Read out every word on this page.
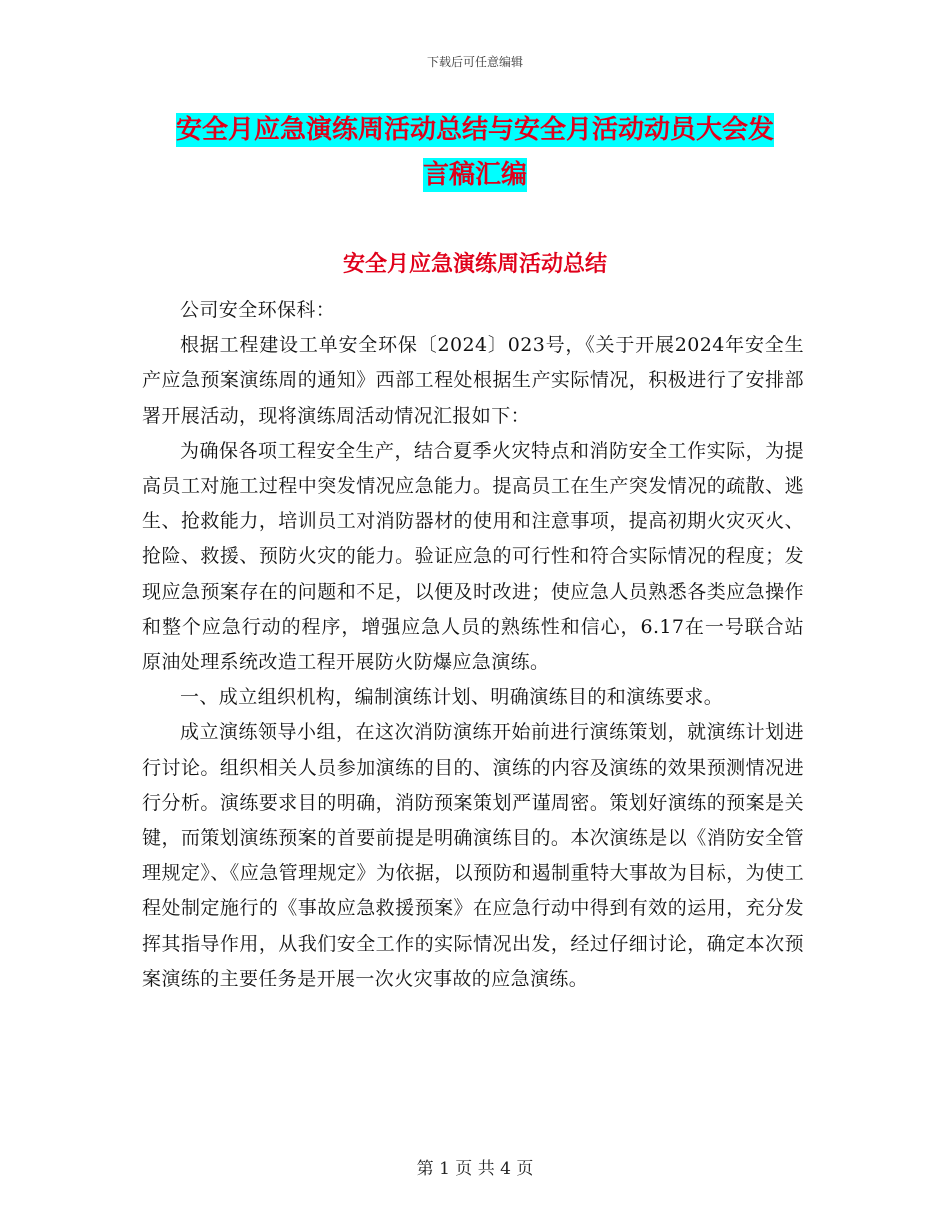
下载后可任意编辑
安全月应急演练周活动总结与安全月活动动员大会发
言稿汇编
安全月应急演练周活动总结

公司安全环保科：

根据工程建设工单安全环保〔2024〕023号，《关于开展2024年安全生产应急预案演练周的通知》西部工程处根据生产实际情况，积极进行了安排部署开展活动，现将演练周活动情况汇报如下：

为确保各项工程安全生产，结合夏季火灾特点和消防安全工作实际，为提高员工对施工过程中突发情况应急能力。提高员工在生产突发情况的疏散、逃生、抢救能力，培训员工对消防器材的使用和注意事项，提高初期火灾灭火、抢险、救援、预防火灾的能力。验证应急的可行性和符合实际情况的程度；发现应急预案存在的问题和不足，以便及时改进；使应急人员熟悉各类应急操作和整个应急行动的程序，增强应急人员的熟练性和信心，6.17在一号联合站原油处理系统改造工程开展防火防爆应急演练。

一、成立组织机构，编制演练计划、明确演练目的和演练要求。

成立演练领导小组，在这次消防演练开始前进行演练策划，就演练计划进行讨论。组织相关人员参加演练的目的、演练的内容及演练的效果预测情况进行分析。演练要求目的明确，消防预案策划严谨周密。策划好演练的预案是关键，而策划演练预案的首要前提是明确演练目的。本次演练是以《消防安全管理规定》、《应急管理规定》为依据，以预防和遏制重特大事故为目标，为使工程处制定施行的《事故应急救援预案》在应急行动中得到有效的运用，充分发挥其指导作用，从我们安全工作的实际情况出发，经过仔细讨论，确定本次预案演练的主要任务是开展一次火灾事故的应急演练。

第 1 页 共 4 页
